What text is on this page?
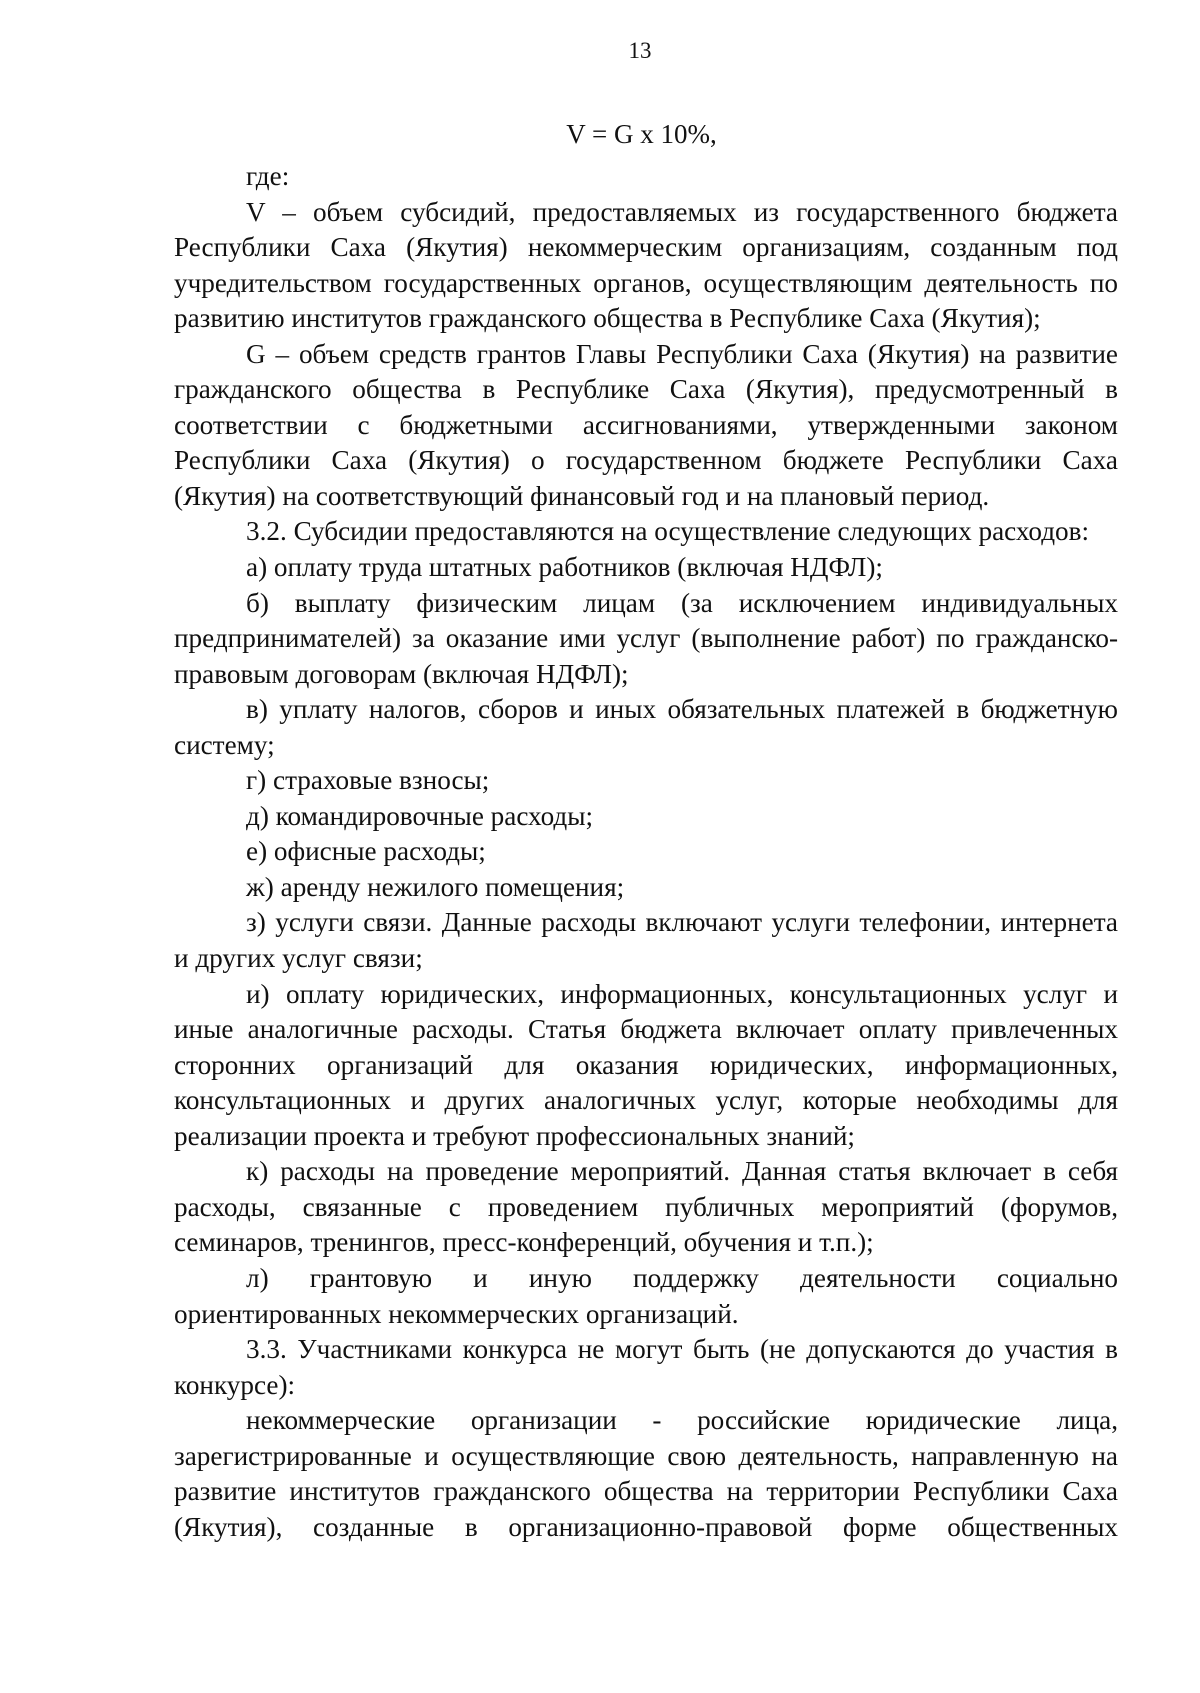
13
V = G x 10%,

где:

V – объем субсидий, предоставляемых из государственного бюджета Республики Саха (Якутия) некоммерческим организациям, созданным под учредительством государственных органов, осуществляющим деятельность по развитию институтов гражданского общества в Республике Саха (Якутия);

G – объем средств грантов Главы Республики Саха (Якутия) на развитие гражданского общества в Республике Саха (Якутия), предусмотренный в соответствии с бюджетными ассигнованиями, утвержденными законом Республики Саха (Якутия) о государственном бюджете Республики Саха (Якутия) на соответствующий финансовый год и на плановый период.

3.2. Субсидии предоставляются на осуществление следующих расходов:

а) оплату труда штатных работников (включая НДФЛ);

б) выплату физическим лицам (за исключением индивидуальных предпринимателей) за оказание ими услуг (выполнение работ) по гражданско-правовым договорам (включая НДФЛ);

в) уплату налогов, сборов и иных обязательных платежей в бюджетную систему;

г) страховые взносы;

д) командировочные расходы;

е) офисные расходы;

ж) аренду нежилого помещения;

з) услуги связи. Данные расходы включают услуги телефонии, интернета и других услуг связи;

и) оплату юридических, информационных, консультационных услуг и иные аналогичные расходы. Статья бюджета включает оплату привлеченных сторонних организаций для оказания юридических, информационных, консультационных и других аналогичных услуг, которые необходимы для реализации проекта и требуют профессиональных знаний;

к) расходы на проведение мероприятий. Данная статья включает в себя расходы, связанные с проведением публичных мероприятий (форумов, семинаров, тренингов, пресс-конференций, обучения и т.п.);

л) грантовую и иную поддержку деятельности социально ориентированных некоммерческих организаций.

3.3. Участниками конкурса не могут быть (не допускаются до участия в конкурсе):

некоммерческие организации - российские юридические лица, зарегистрированные и осуществляющие свою деятельность, направленную на развитие институтов гражданского общества на территории Республики Саха (Якутия), созданные в организационно-правовой форме общественных
